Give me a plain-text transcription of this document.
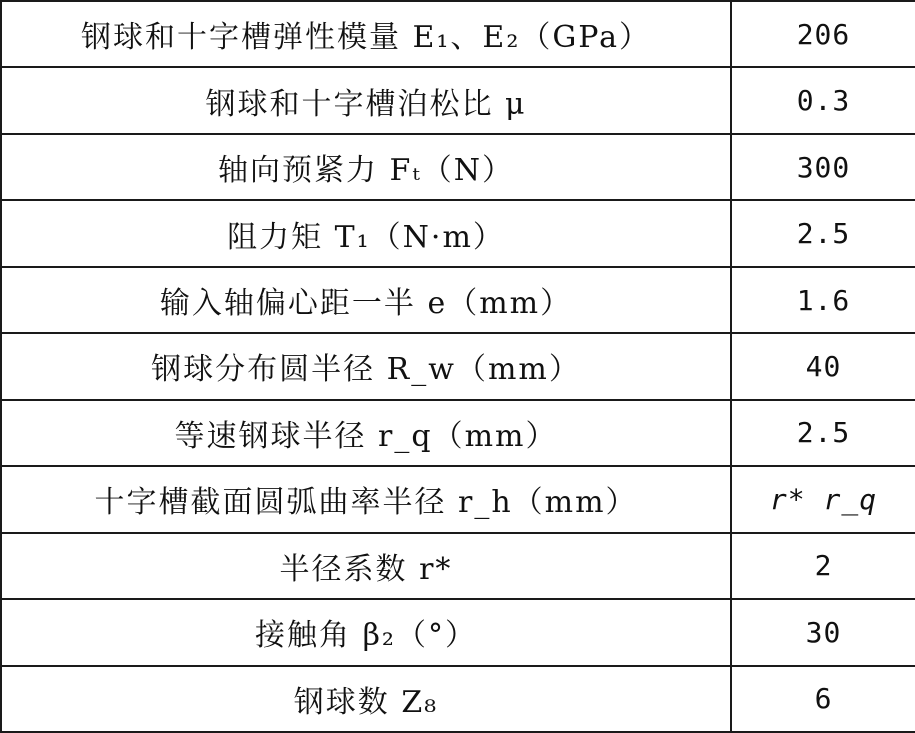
钢球和十字槽弹性模量 E₁、E₂（GPa）	206
钢球和十字槽泊松比 μ	0.3
轴向预紧力 Fₜ（N）	300
阻力矩 T₁（N·m）	2.5
输入轴偏心距一半 e（mm）	1.6
钢球分布圆半径 R_w（mm）	40
等速钢球半径 r_q（mm）	2.5
十字槽截面圆弧曲率半径 r_h（mm）	r* r_q
半径系数 r*	2
接触角 β₂（°）	30
钢球数 Z₈	6
